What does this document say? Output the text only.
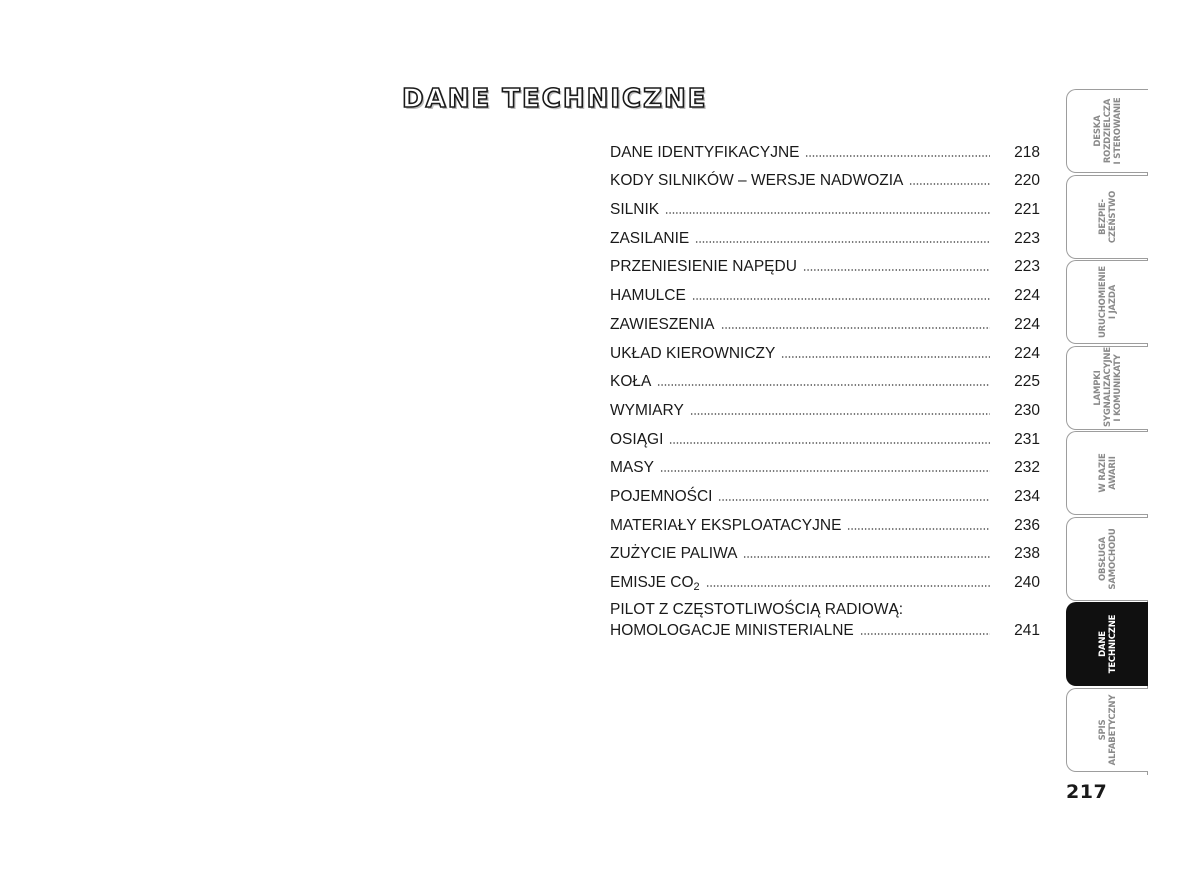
DANE TECHNICZNE
DANE IDENTYFIKACYJNE	218
KODY SILNIKÓW – WERSJE NADWOZIA	220
SILNIK	221
ZASILANIE	223
PRZENIESIENIE NAPĘDU	223
HAMULCE	224
ZAWIESZENIA	224
UKŁAD KIEROWNICZY	224
KOŁA	225
WYMIARY	230
OSIĄGI	231
MASY	232
POJEMNOŚCI	234
MATERIAŁY EKSPLOATACYJNE	236
ZUŻYCIE PALIWA	238
EMISJE $CO_2$	240
PILOT Z CZĘSTOTLIWOŚCIĄ RADIOWĄ:
HOMOLOGACJE MINISTERIALNE	241
DESKA ROZDZIELCZA I STEROWANIE
BEZPIE- CZEŃSTWO
URUCHOMIENIE I JAZDA
LAMPKI SYGNALIZACYJNE I KOMUNIKATY
W RAZIE AWARII
OBSŁUGA SAMOCHODU
DANE TECHNICZNE
SPIS ALFABETYCZNY

217
